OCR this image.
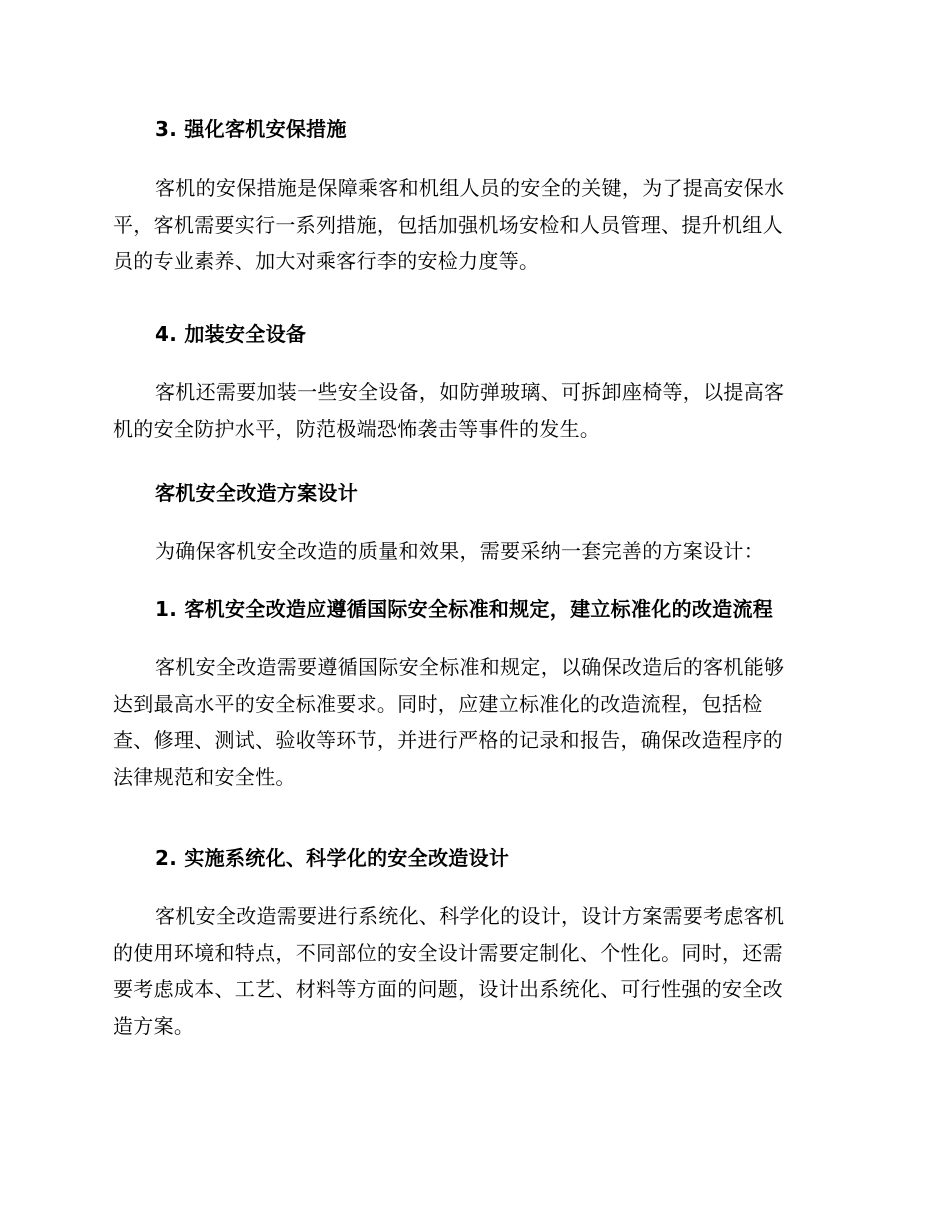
3. 强化客机安保措施
客机的安保措施是保障乘客和机组人员的安全的关键，为了提高安保水
平，客机需要实行一系列措施，包括加强机场安检和人员管理、提升机组人
员的专业素养、加大对乘客行李的安检力度等。
4. 加装安全设备
客机还需要加装一些安全设备，如防弹玻璃、可拆卸座椅等，以提高客
机的安全防护水平，防范极端恐怖袭击等事件的发生。
客机安全改造方案设计
为确保客机安全改造的质量和效果，需要采纳一套完善的方案设计：
1. 客机安全改造应遵循国际安全标准和规定，建立标准化的改造流程
客机安全改造需要遵循国际安全标准和规定，以确保改造后的客机能够
达到最高水平的安全标准要求。同时，应建立标准化的改造流程，包括检
查、修理、测试、验收等环节，并进行严格的记录和报告，确保改造程序的
法律规范和安全性。
2. 实施系统化、科学化的安全改造设计
客机安全改造需要进行系统化、科学化的设计，设计方案需要考虑客机
的使用环境和特点，不同部位的安全设计需要定制化、个性化。同时，还需
要考虑成本、工艺、材料等方面的问题，设计出系统化、可行性强的安全改
造方案。
